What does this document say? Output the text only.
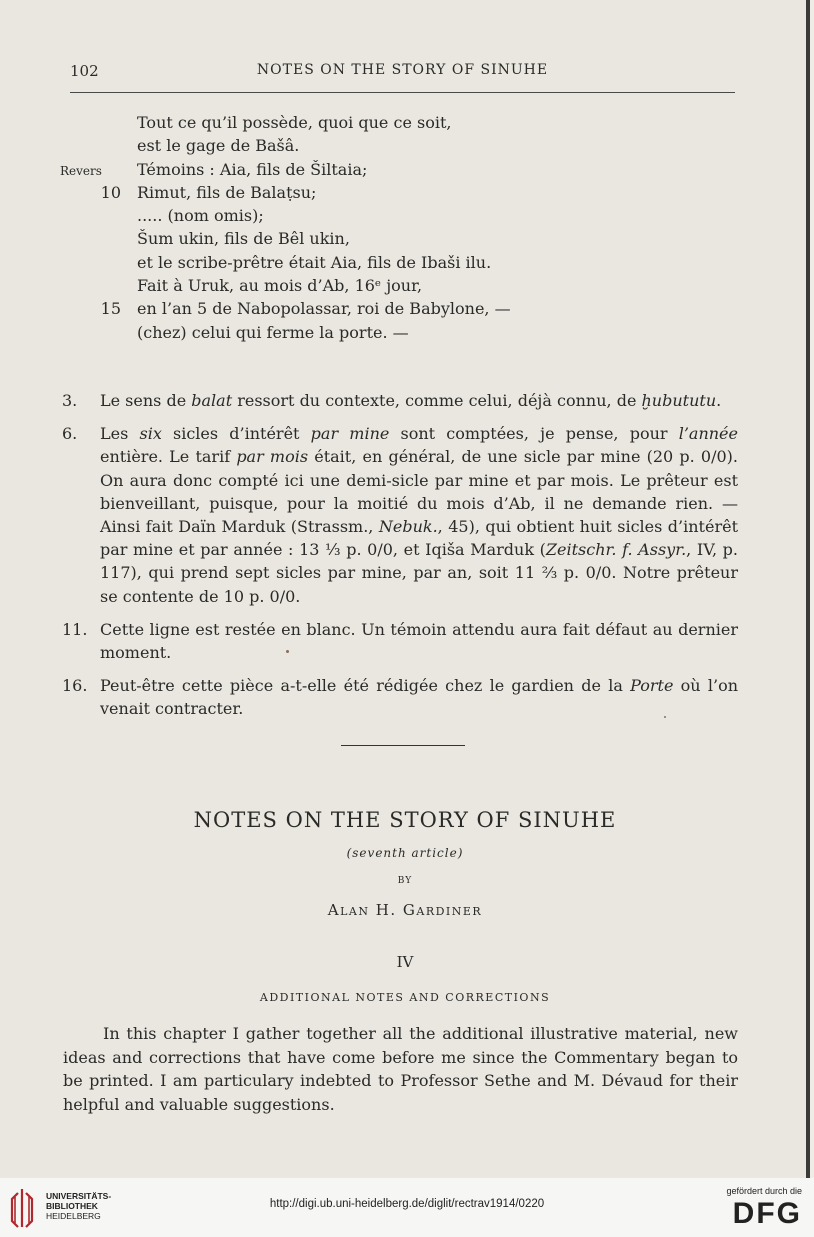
102	NOTES ON THE STORY OF SINUHE
Tout ce qu’il possède, quoi que ce soit,
est le gage de Bašâ.
Revers	Témoins : Aia, fils de Šiltaia;
10 Rimut, fils de Balaṭsu;
..... (nom omis);
Šum ukin, fils de Bêl ukin,
et le scribe-prêtre était Aia, fils de Ibaši ilu.
Fait à Uruk, au mois d’Ab, 16ᵉ jour,
15 en l’an 5 de Nabopolassar, roi de Babylone, —
(chez) celui qui ferme la porte. —
3. Le sens de balat ressort du contexte, comme celui, déjà connu, de ḫubututu.
6. Les six sicles d’intérêt par mine sont comptées, je pense, pour l’année entière. Le tarif par mois était, en général, de une sicle par mine (20 p. 0/0). On aura donc compté ici une demi-sicle par mine et par mois. Le prêteur est bienveillant, puisque, pour la moitié du mois d’Ab, il ne demande rien. — Ainsi fait Daïn Marduk (Strassm., Nebuk., 45), qui obtient huit sicles d’intérêt par mine et par année : 13 ⅓ p. 0/0, et Iqiša Marduk (Zeitschr. f. Assyr., IV, p. 117), qui prend sept sicles par mine, par an, soit 11 ⅔ p. 0/0. Notre prêteur se contente de 10 p. 0/0.
11. Cette ligne est restée en blanc. Un témoin attendu aura fait défaut au dernier moment.
16. Peut-être cette pièce a-t-elle été rédigée chez le gardien de la Porte où l’on venait contracter.
NOTES ON THE STORY OF SINUHE
(seventh article)
BY
Alan H. Gardiner
IV
ADDITIONAL NOTES AND CORRECTIONS
In this chapter I gather together all the additional illustrative material, new ideas and corrections that have come before me since the Commentary began to be printed. I am particulary indebted to Professor Sethe and M. Dévaud for their helpful and valuable suggestions.
UNIVERSITÄTS-
BIBLIOTHEK
HEIDELBERG
http://digi.ub.uni-heidelberg.de/diglit/rectrav1914/0220
gefördert durch die
DFG
